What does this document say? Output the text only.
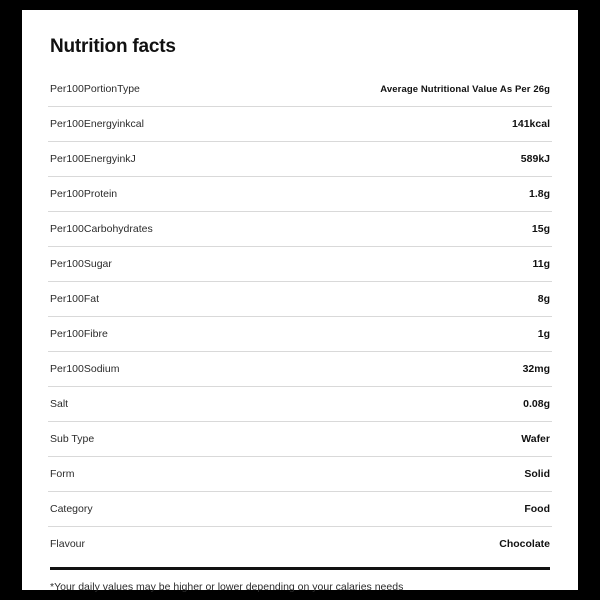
Nutrition facts
Per100PortionType	Average Nutritional Value As Per 26g
Per100Energyinkcal	141kcal
Per100EnergyinkJ	589kJ
Per100Protein	1.8g
Per100Carbohydrates	15g
Per100Sugar	11g
Per100Fat	8g
Per100Fibre	1g
Per100Sodium	32mg
Salt	0.08g
Sub Type	Wafer
Form	Solid
Category	Food
Flavour	Chocolate
*Your daily values may be higher or lower depending on your calaries needs
